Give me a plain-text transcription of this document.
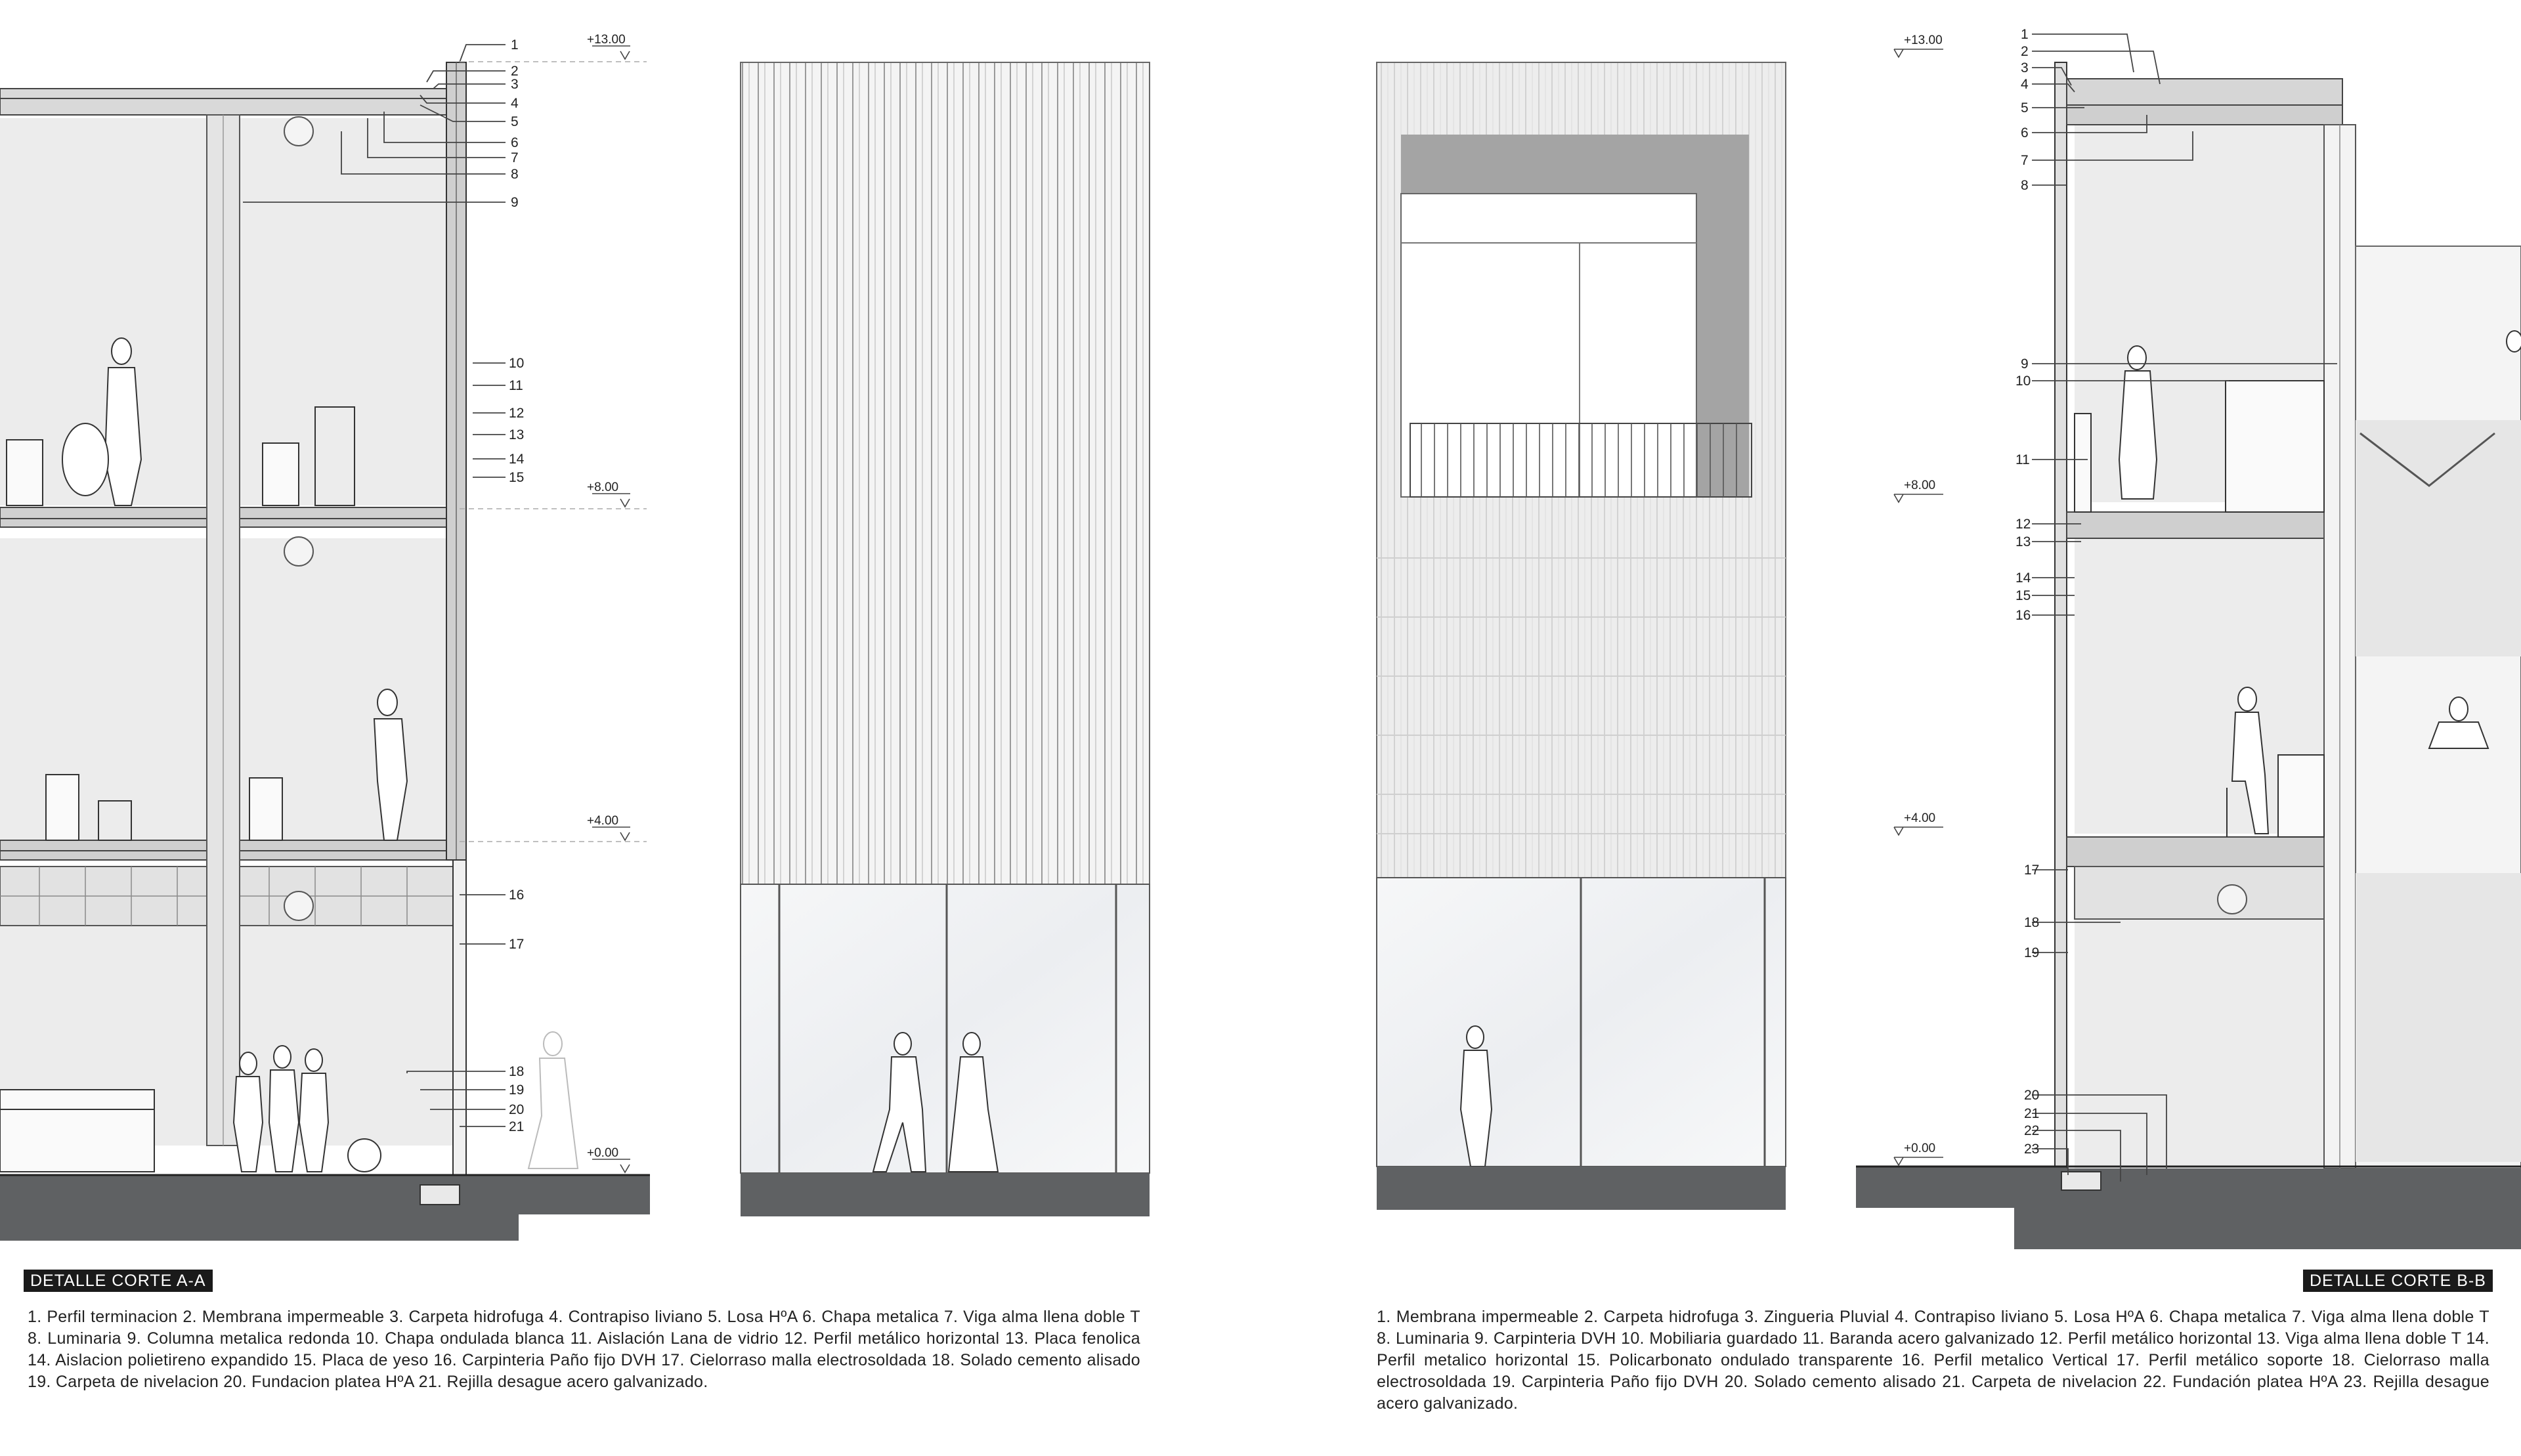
1
2
3
4
5
6
7
8
9
10
11
12
13
14
15
16
17
18
19
20
21
+13.00
+8.00
+4.00
+0.00
1
2
3
4
5
6
7
8
9
10
11
12
13
14
15
16
17
18
19
20
21
22
23
+13.00
+8.00
+4.00
+0.00
DETALLE CORTE A-A	DETALLE CORTE B-B
1. Perfil terminacion 2. Membrana impermeable 3. Carpeta hidrofuga 4. Contrapiso liviano 5. Losa HºA 6. Chapa metalica 7. Viga alma llena doble T 8. Luminaria 9. Columna metalica redonda 10. Chapa ondulada blanca 11. Aislación Lana de vidrio 12. Perfil metálico horizontal 13. Placa fenolica 14. Aislacion polietireno expandido 15. Placa de yeso 16. Carpinteria Paño fijo DVH 17. Cielorraso malla electrosoldada 18. Solado cemento alisado 19. Carpeta de nivelacion 20. Fundacion platea HºA 21. Rejilla desague acero galvanizado.
1. Membrana impermeable 2. Carpeta hidrofuga 3. Zingueria Pluvial 4. Contrapiso liviano 5. Losa HºA 6. Chapa metalica 7. Viga alma llena doble T 8. Luminaria 9. Carpinteria DVH 10. Mobiliaria guardado 11. Baranda acero galvanizado 12. Perfil metálico horizontal 13. Viga alma llena doble T 14. Perfil metalico horizontal 15. Policarbonato ondulado transparente 16. Perfil metalico Vertical 17. Perfil metálico soporte 18. Cielorraso malla electrosoldada 19. Carpinteria Paño fijo DVH 20. Solado cemento alisado 21. Carpeta de nivelacion 22. Fundación platea HºA 23. Rejilla desague acero galvanizado.
